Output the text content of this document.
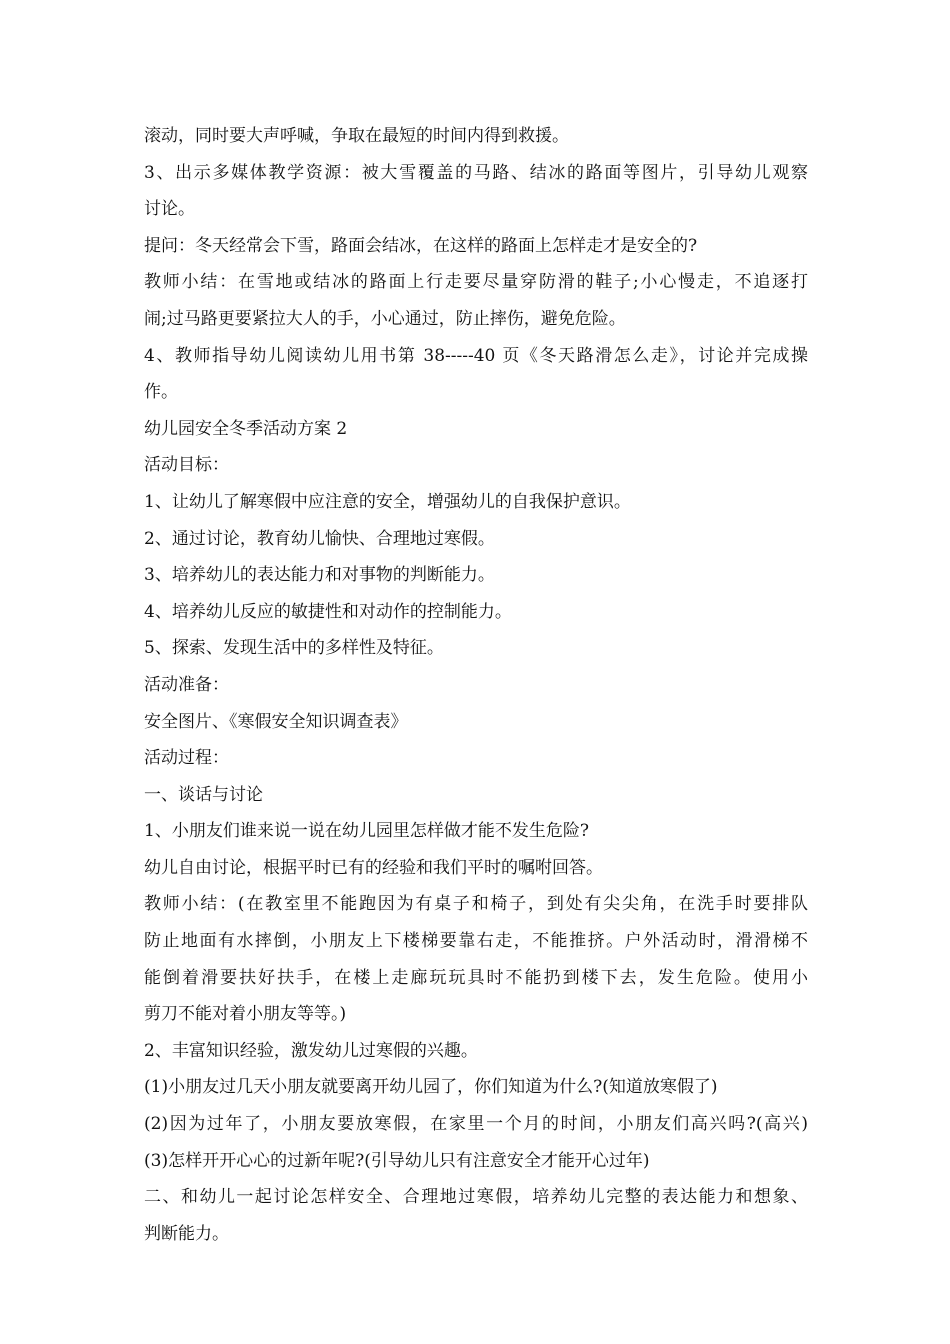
滚动，同时要大声呼喊，争取在最短的时间内得到救援。
3、出示多媒体教学资源：被大雪覆盖的马路、结冰的路面等图片，引导幼儿观察
讨论。
提问：冬天经常会下雪，路面会结冰，在这样的路面上怎样走才是安全的?
教师小结：在雪地或结冰的路面上行走要尽量穿防滑的鞋子;小心慢走，不追逐打
闹;过马路更要紧拉大人的手，小心通过，防止摔伤，避免危险。
4、教师指导幼儿阅读幼儿用书第 38-----40 页《冬天路滑怎么走》，讨论并完成操
作。
幼儿园安全冬季活动方案 2
活动目标：
1、让幼儿了解寒假中应注意的安全，增强幼儿的自我保护意识。
2、通过讨论，教育幼儿愉快、合理地过寒假。
3、培养幼儿的表达能力和对事物的判断能力。
4、培养幼儿反应的敏捷性和对动作的控制能力。
5、探索、发现生活中的多样性及特征。
活动准备：
安全图片、《寒假安全知识调查表》
活动过程：
一、谈话与讨论
1、小朋友们谁来说一说在幼儿园里怎样做才能不发生危险?
幼儿自由讨论，根据平时已有的经验和我们平时的嘱咐回答。
教师小结：(在教室里不能跑因为有桌子和椅子，到处有尖尖角，在洗手时要排队
防止地面有水摔倒，小朋友上下楼梯要靠右走，不能推挤。户外活动时，滑滑梯不
能倒着滑要扶好扶手，在楼上走廊玩玩具时不能扔到楼下去，发生危险。使用小
剪刀不能对着小朋友等等。)
2、丰富知识经验，激发幼儿过寒假的兴趣。
(1)小朋友过几天小朋友就要离开幼儿园了，你们知道为什么?(知道放寒假了)
(2)因为过年了，小朋友要放寒假，在家里一个月的时间，小朋友们高兴吗?(高兴)
(3)怎样开开心心的过新年呢?(引导幼儿只有注意安全才能开心过年)
二、和幼儿一起讨论怎样安全、合理地过寒假，培养幼儿完整的表达能力和想象、
判断能力。
